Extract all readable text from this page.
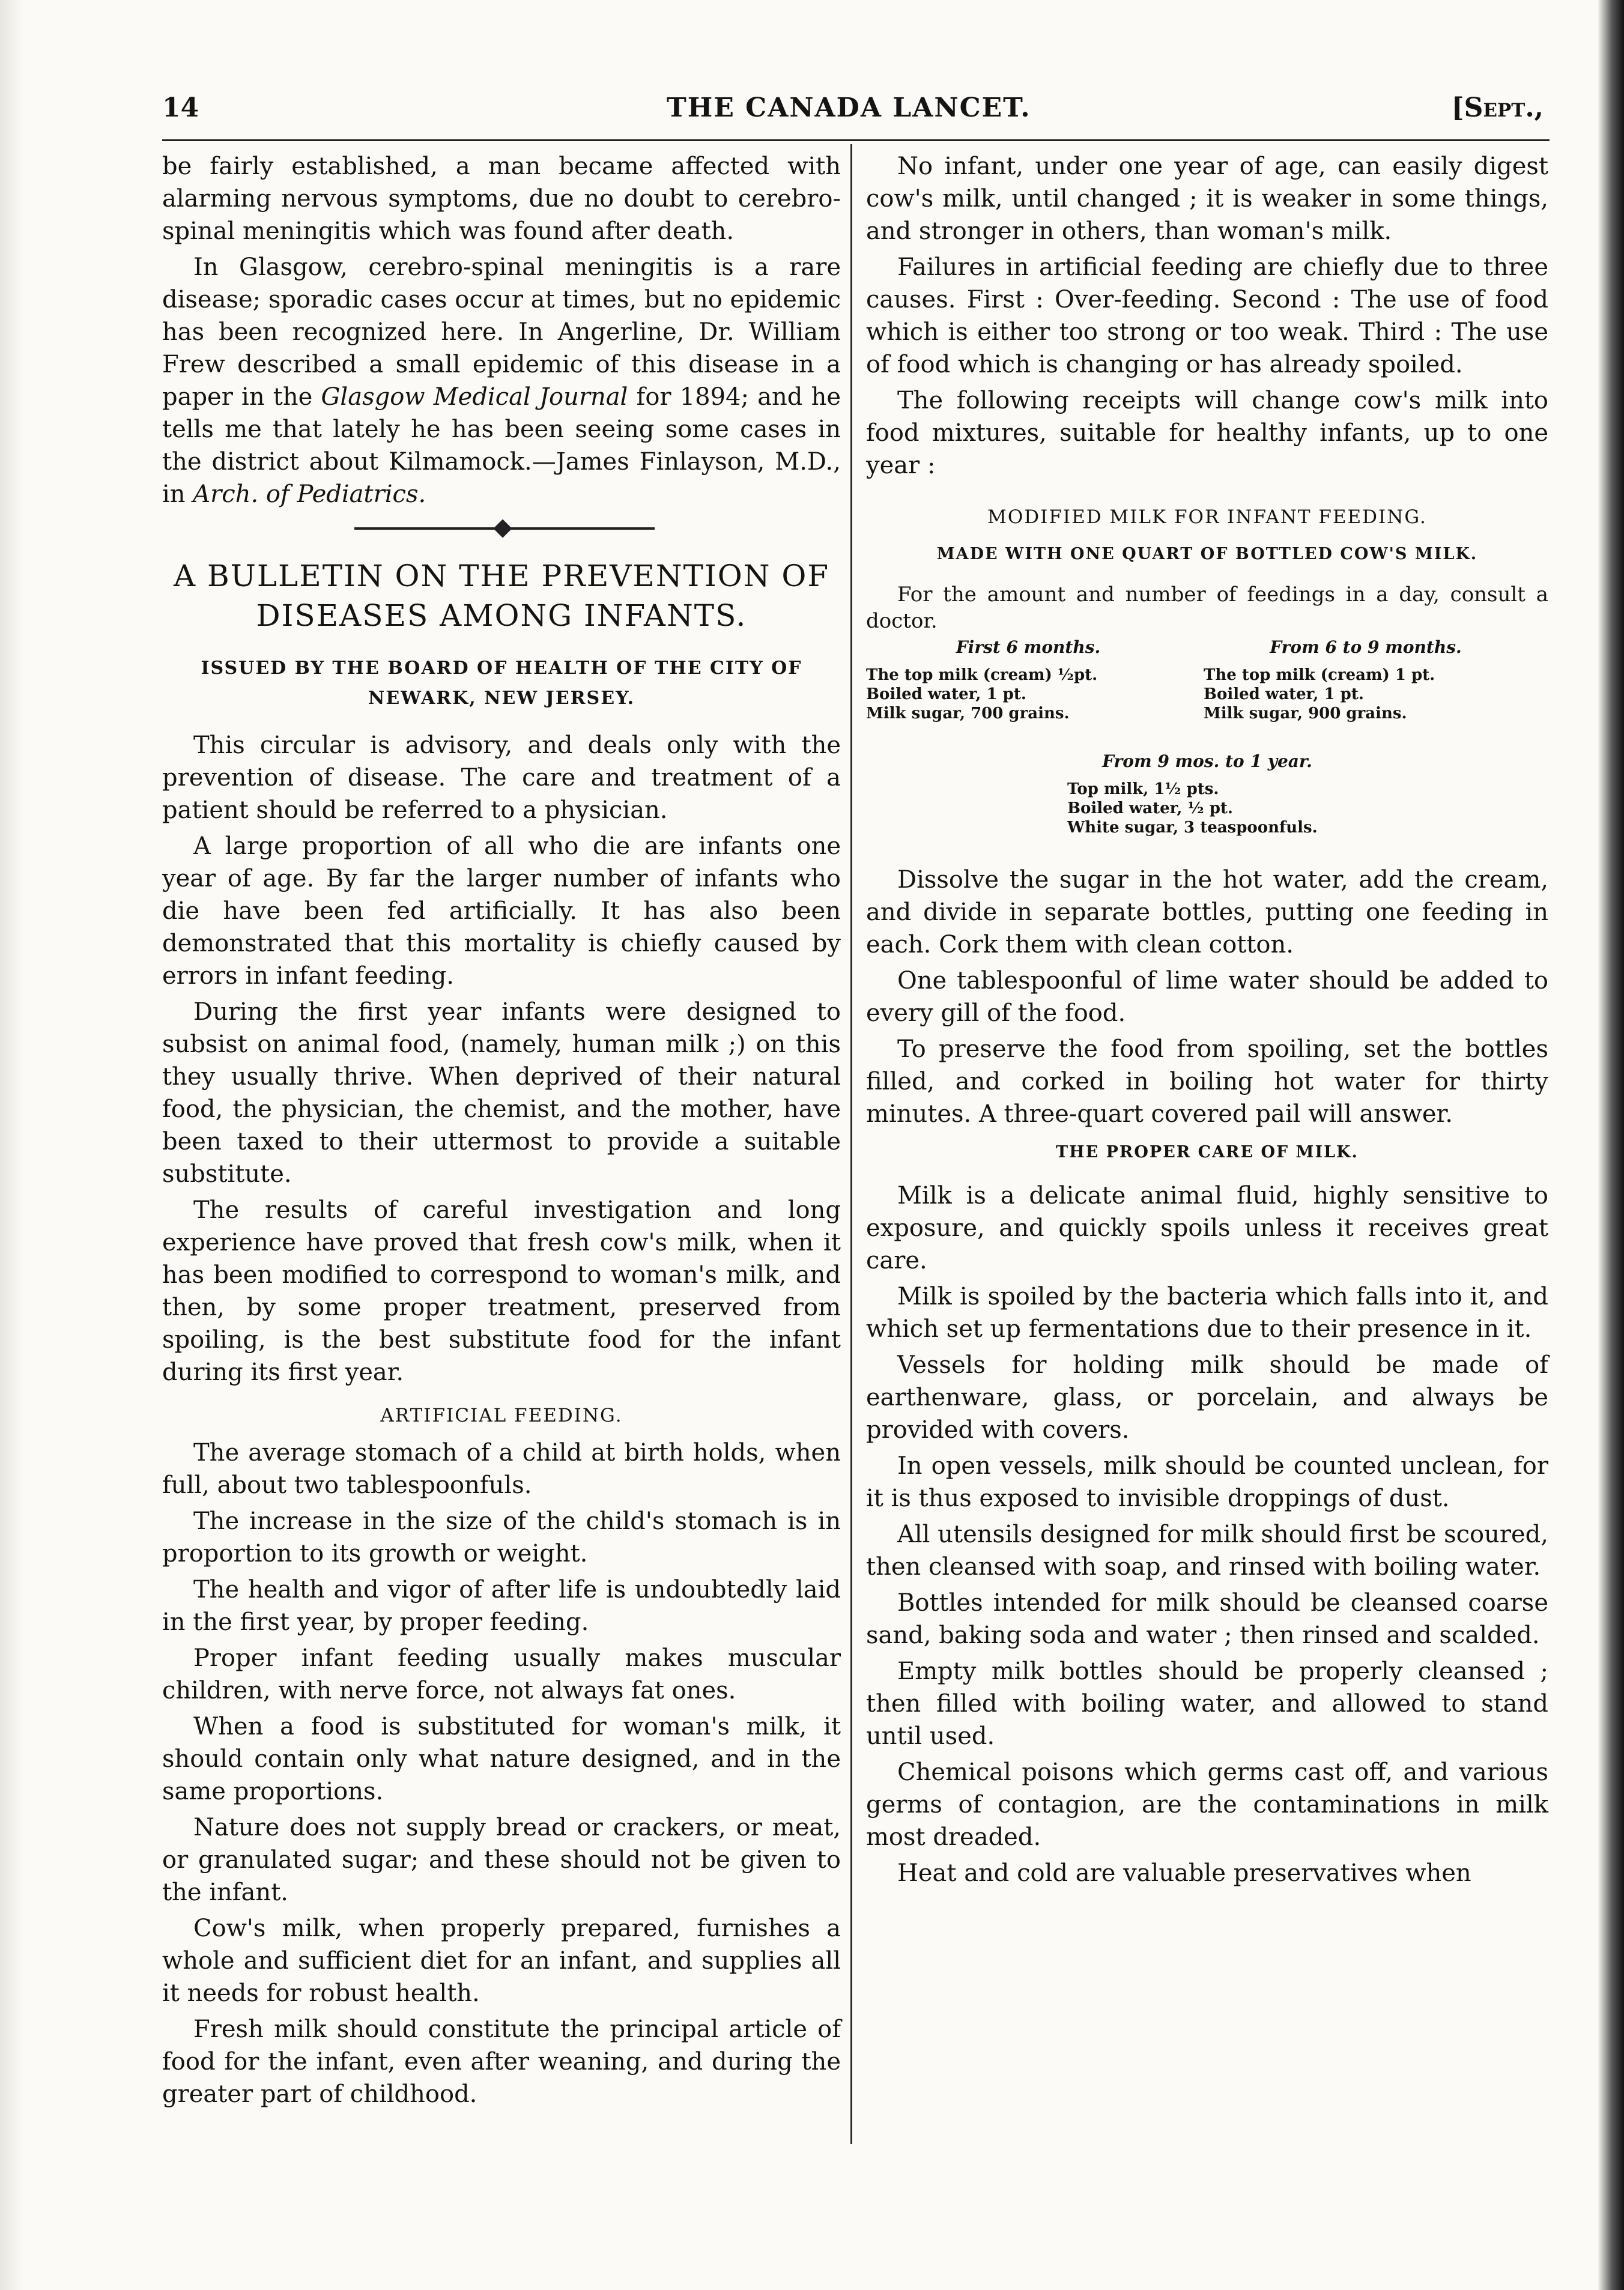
14	THE CANADA LANCET.	[Sept.,

be fairly established, a man became affected with alarming nervous symptoms, due no doubt to cerebro-spinal meningitis which was found after death.

In Glasgow, cerebro-spinal meningitis is a rare disease; sporadic cases occur at times, but no epidemic has been recognized here. In Angerline, Dr. William Frew described a small epidemic of this disease in a paper in the Glasgow Medical Journal for 1894; and he tells me that lately he has been seeing some cases in the district about Kilmamock.—James Finlayson, M.D., in Arch. of Pediatrics.

A BULLETIN ON THE PREVENTION OF DISEASES AMONG INFANTS.
ISSUED BY THE BOARD OF HEALTH OF THE CITY OF NEWARK, NEW JERSEY.

This circular is advisory, and deals only with the prevention of disease. The care and treatment of a patient should be referred to a physician.

A large proportion of all who die are infants one year of age. By far the larger number of infants who die have been fed artificially. It has also been demonstrated that this mortality is chiefly caused by errors in infant feeding.

During the first year infants were designed to subsist on animal food, (namely, human milk ;) on this they usually thrive. When deprived of their natural food, the physician, the chemist, and the mother, have been taxed to their uttermost to provide a suitable substitute.

The results of careful investigation and long experience have proved that fresh cow's milk, when it has been modified to correspond to woman's milk, and then, by some proper treatment, preserved from spoiling, is the best substitute food for the infant during its first year.

ARTIFICIAL FEEDING.

The average stomach of a child at birth holds, when full, about two tablespoonfuls.

The increase in the size of the child's stomach is in proportion to its growth or weight.

The health and vigor of after life is undoubtedly laid in the first year, by proper feeding.

Proper infant feeding usually makes muscular children, with nerve force, not always fat ones.

When a food is substituted for woman's milk, it should contain only what nature designed, and in the same proportions.

Nature does not supply bread or crackers, or meat, or granulated sugar; and these should not be given to the infant.

Cow's milk, when properly prepared, furnishes a whole and sufficient diet for an infant, and supplies all it needs for robust health.

Fresh milk should constitute the principal article of food for the infant, even after weaning, and during the greater part of childhood.

No infant, under one year of age, can easily digest cow's milk, until changed ; it is weaker in some things, and stronger in others, than woman's milk.

Failures in artificial feeding are chiefly due to three causes. First : Over-feeding. Second : The use of food which is either too strong or too weak. Third : The use of food which is changing or has already spoiled.

The following receipts will change cow's milk into food mixtures, suitable for healthy infants, up to one year :

MODIFIED MILK FOR INFANT FEEDING.
MADE WITH ONE QUART OF BOTTLED COW'S MILK.

For the amount and number of feedings in a day, consult a doctor.

First 6 months.
The top milk (cream) ½pt.
Boiled water, 1 pt.
Milk sugar, 700 grains.
From 6 to 9 months.
The top milk (cream) 1 pt.
Boiled water, 1 pt.
Milk sugar, 900 grains.
From 9 mos. to 1 year.
Top milk, 1½ pts.
Boiled water, ½ pt.
White sugar, 3 teaspoonfuls.

Dissolve the sugar in the hot water, add the cream, and divide in separate bottles, putting one feeding in each. Cork them with clean cotton.

One tablespoonful of lime water should be added to every gill of the food.

To preserve the food from spoiling, set the bottles filled, and corked in boiling hot water for thirty minutes. A three-quart covered pail will answer.

THE PROPER CARE OF MILK.

Milk is a delicate animal fluid, highly sensitive to exposure, and quickly spoils unless it receives great care.

Milk is spoiled by the bacteria which falls into it, and which set up fermentations due to their presence in it.

Vessels for holding milk should be made of earthenware, glass, or porcelain, and always be provided with covers.

In open vessels, milk should be counted unclean, for it is thus exposed to invisible droppings of dust.

All utensils designed for milk should first be scoured, then cleansed with soap, and rinsed with boiling water.

Bottles intended for milk should be cleansed coarse sand, baking soda and water ; then rinsed and scalded.

Empty milk bottles should be properly cleansed ; then filled with boiling water, and allowed to stand until used.

Chemical poisons which germs cast off, and various germs of contagion, are the contaminations in milk most dreaded.

Heat and cold are valuable preservatives when
